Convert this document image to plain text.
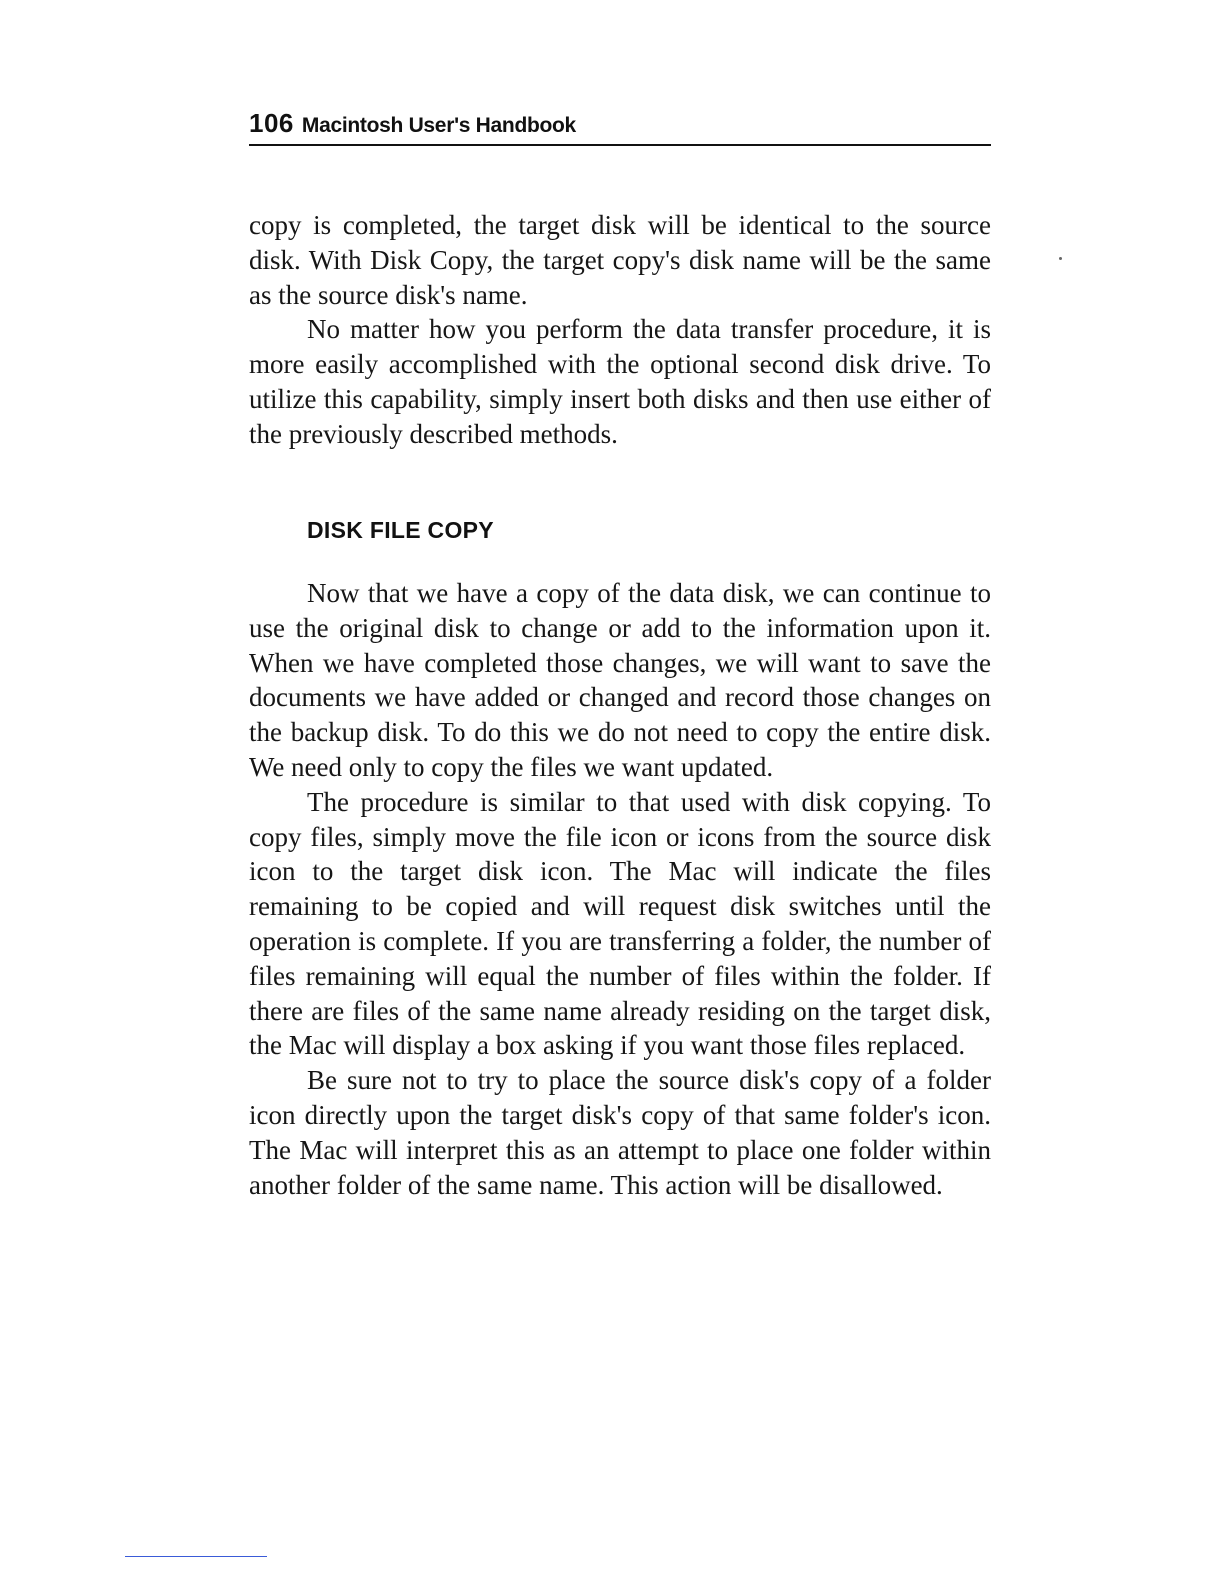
106 Macintosh User's Handbook

copy is completed, the target disk will be identical to the source disk. With Disk Copy, the target copy's disk name will be the same as the source disk's name.

No matter how you perform the data transfer procedure, it is more easily accomplished with the optional second disk drive. To utilize this capability, simply insert both disks and then use either of the previously described methods.

DISK FILE COPY

Now that we have a copy of the data disk, we can continue to use the original disk to change or add to the information upon it. When we have completed those changes, we will want to save the documents we have added or changed and record those changes on the backup disk. To do this we do not need to copy the entire disk. We need only to copy the files we want updated.

The procedure is similar to that used with disk copying. To copy files, simply move the file icon or icons from the source disk icon to the target disk icon. The Mac will indicate the files remaining to be copied and will request disk switches until the operation is complete. If you are transferring a folder, the number of files remaining will equal the number of files within the folder. If there are files of the same name already residing on the target disk, the Mac will display a box asking if you want those files replaced.

Be sure not to try to place the source disk's copy of a folder icon directly upon the target disk's copy of that same folder's icon. The Mac will interpret this as an attempt to place one folder within another folder of the same name. This action will be disallowed.
